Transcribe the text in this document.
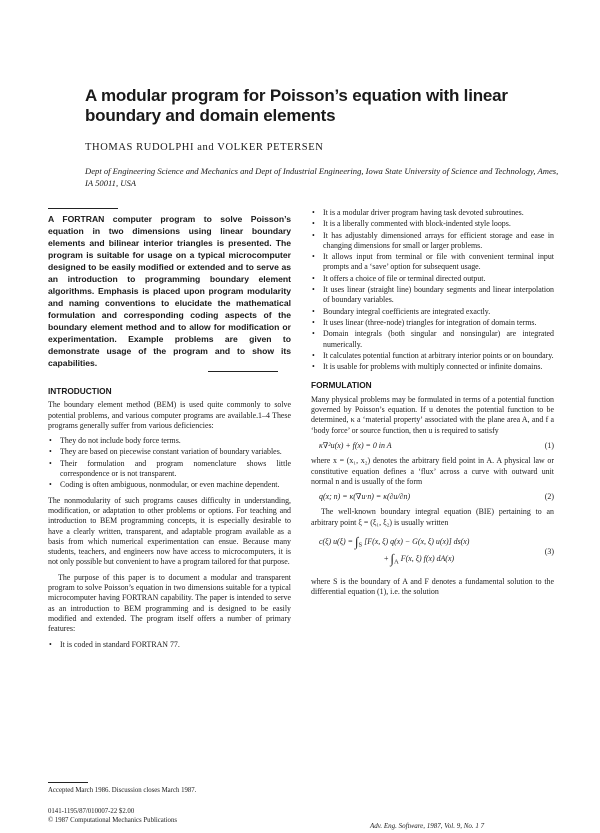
A modular program for Poisson’s equation with linear boundary and domain elements
THOMAS RUDOLPHI and VOLKER PETERSEN
Dept of Engineering Science and Mechanics and Dept of Industrial Engineering, Iowa State University of Science and Technology, Ames, IA 50011, USA
A FORTRAN computer program to solve Poisson’s equation in two dimensions using linear boundary elements and bilinear interior triangles is presented. The program is suitable for usage on a typical microcomputer designed to be easily modified or extended and to serve as an introduction to programming boundary element algorithms. Emphasis is placed upon program modularity and naming conventions to elucidate the mathematical formulation and corresponding coding aspects of the boundary element method and to allow for modification or experimentation. Example problems are given to demonstrate usage of the program and to show its capabilities.
INTRODUCTION

The boundary element method (BEM) is used quite commonly to solve potential problems, and various computer programs are available.1–4 These programs generally suffer from various deficiencies:

• They do not include body force terms.
• They are based on piecewise constant variation of boundary variables.
• Their formulation and program nomenclature shows little correspondence or is not transparent.
• Coding is often ambiguous, nonmodular, or even machine dependent.

The nonmodularity of such programs causes difficulty in understanding, modification, or adaptation to other problems or options. For teaching and introduction to BEM programming concepts, it is especially desirable to have a clearly written, transparent, and adaptable program available as a basis from which numerical experimentation can ensue. Because many students, teachers, and engineers now have access to microcomputers, it is not only possible but convenient to have a program tailored for that purpose.

The purpose of this paper is to document a modular and transparent program to solve Poisson’s equation in two dimensions suitable for a typical microcomputer having FORTRAN capability. The paper is intended to serve as an introduction to BEM programming and is designed to be easily modified and extended. The program itself offers a number of primary features:

• It is coded in standard FORTRAN 77.
• It is a modular driver program having task devoted subroutines.
• It is a liberally commented with block-indented style loops.
• It has adjustably dimensioned arrays for efficient storage and ease in changing dimensions for small or larger problems.
• It allows input from terminal or file with convenient terminal input prompts and a ‘save’ option for subsequent usage.
• It offers a choice of file or terminal directed output.
• It uses linear (straight line) boundary segments and linear interpolation of boundary variables.
• Boundary integral coefficients are integrated exactly.
• It uses linear (three-node) triangles for integration of domain terms.
• Domain integrals (both singular and nonsingular) are integrated numerically.
• It calculates potential function at arbitrary interior points or on boundary.
• It is usable for problems with multiply connected or infinite domains.
FORMULATION

Many physical problems may be formulated in terms of a potential function governed by Poisson’s equation. If u denotes the potential function to be determined, κ a ‘material property’ associated with the plane area A, and f a ‘body force’ or source function, then u is required to satisfy

κ∇²u(x) + f(x) = 0 in A	(1)

where x = (x₁, x₂) denotes the arbitrary field point in A. A physical law or constitutive equation defines a ‘flux’ across a curve with outward unit normal n and is usually of the form

q(x; n) = κ(∇u·n) = κ(∂u/∂n)	(2)

The well-known boundary integral equation (BIE) pertaining to an arbitrary point ξ = (ξ₁, ξ₂) is usually written

c(ξ) $u(\xi) = \int_S$ [F(x, ξ) q(x) − G(x, ξ) u(x)] ds(x)
+ $\int_A$ F(x, ξ) f(x) dA(x)
(3)

where S is the boundary of A and F denotes a fundamental solution to the differential equation (1), i.e. the solution

Accepted March 1986. Discussion closes March 1987.
0141-1195/87/010007-22 $2.00
© 1987 Computational Mechanics Publications
Adv. Eng. Software, 1987, Vol. 9, No. 1 7
